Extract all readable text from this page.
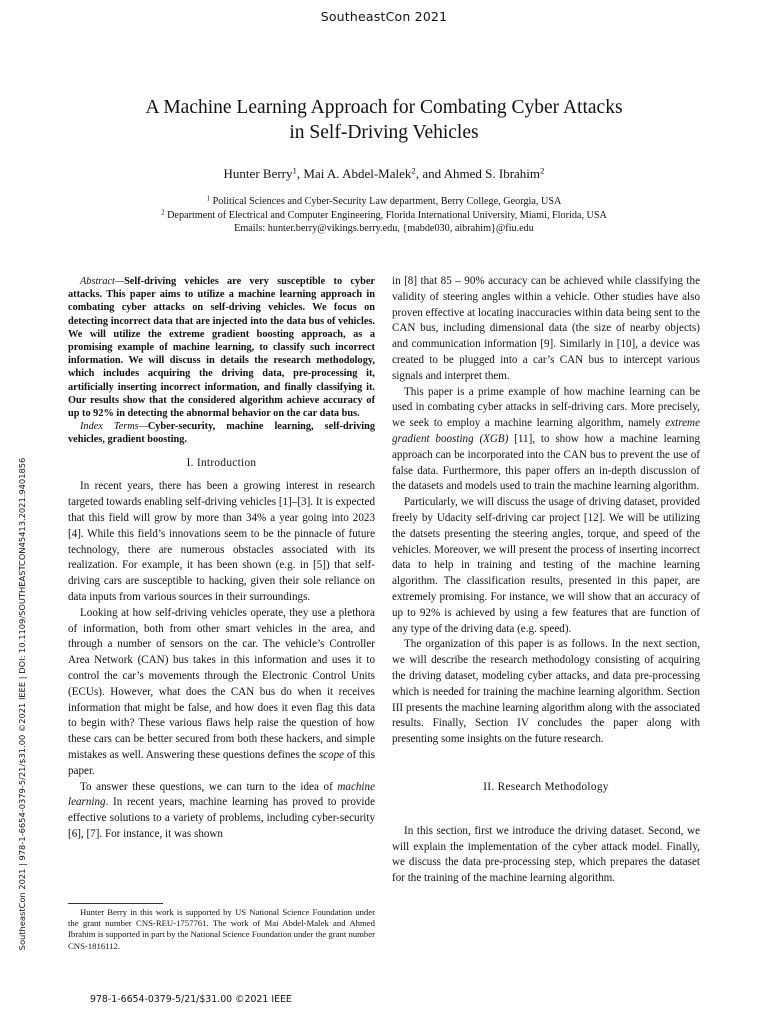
SoutheastCon 2021
A Machine Learning Approach for Combating Cyber Attacks
in Self-Driving Vehicles
Hunter Berry$^1$, Mai A. Abdel-Malek$^2$, and Ahmed S. Ibrahim$^2$
$^1$ Political Sciences and Cyber-Security Law department, Berry College, Georgia, USA
$^2$ Department of Electrical and Computer Engineering, Florida International University, Miami, Florida, USA
Emails: hunter.berry@vikings.berry.edu, {mabde030, aibrahim}@fiu.edu
SoutheastCon 2021 | 978-1-6654-0379-5/21/$31.00 ©2021 IEEE | DOI: 10.1109/SOUTHEASTCON45413.2021.9401856

Abstract—Self-driving vehicles are very susceptible to cyber attacks. This paper aims to utilize a machine learning approach in combating cyber attacks on self-driving vehicles. We focus on detecting incorrect data that are injected into the data bus of vehicles. We will utilize the extreme gradient boosting approach, as a promising example of machine learning, to classify such incorrect information. We will discuss in details the research methodology, which includes acquiring the driving data, pre-processing it, artificially inserting incorrect information, and finally classifying it. Our results show that the considered algorithm achieve accuracy of up to 92% in detecting the abnormal behavior on the car data bus.

Index Terms—Cyber-security, machine learning, self-driving vehicles, gradient boosting.

I. Introduction

In recent years, there has been a growing interest in research targeted towards enabling self-driving vehicles [1]–[3]. It is expected that this field will grow by more than 34% a year going into 2023 [4]. While this field’s innovations seem to be the pinnacle of future technology, there are numerous obstacles associated with its realization. For example, it has been shown (e.g. in [5]) that self-driving cars are susceptible to hacking, given their sole reliance on data inputs from various sources in their surroundings.

Looking at how self-driving vehicles operate, they use a plethora of information, both from other smart vehicles in the area, and through a number of sensors on the car. The vehicle’s Controller Area Network (CAN) bus takes in this information and uses it to control the car’s movements through the Electronic Control Units (ECUs). However, what does the CAN bus do when it receives information that might be false, and how does it even flag this data to begin with? These various flaws help raise the question of how these cars can be better secured from both these hackers, and simple mistakes as well. Answering these questions defines the scope of this paper.

To answer these questions, we can turn to the idea of machine learning. In recent years, machine learning has proved to provide effective solutions to a variety of problems, including cyber-security [6], [7]. For instance, it was shown

in [8] that 85 – 90% accuracy can be achieved while classifying the validity of steering angles within a vehicle. Other studies have also proven effective at locating inaccuracies within data being sent to the CAN bus, including dimensional data (the size of nearby objects) and communication information [9]. Similarly in [10], a device was created to be plugged into a car’s CAN bus to intercept various signals and interpret them.

This paper is a prime example of how machine learning can be used in combating cyber attacks in self-driving cars. More precisely, we seek to employ a machine learning algorithm, namely extreme gradient boosting (XGB) [11], to show how a machine learning approach can be incorporated into the CAN bus to prevent the use of false data. Furthermore, this paper offers an in-depth discussion of the datasets and models used to train the machine learning algorithm.

Particularly, we will discuss the usage of driving dataset, provided freely by Udacity self-driving car project [12]. We will be utilizing the datsets presenting the steering angles, torque, and speed of the vehicles. Moreover, we will present the process of inserting incorrect data to help in training and testing of the machine learning algorithm. The classification results, presented in this paper, are extremely promising. For instance, we will show that an accuracy of up to 92% is achieved by using a few features that are function of any type of the driving data (e.g. speed).

The organization of this paper is as follows. In the next section, we will describe the research methodology consisting of acquiring the driving dataset, modeling cyber attacks, and data pre-processing which is needed for training the machine learning algorithm. Section III presents the machine learning algorithm along with the associated results. Finally, Section IV concludes the paper along with presenting some insights on the future research.

II. Research Methodology

In this section, first we introduce the driving dataset. Second, we will explain the implementation of the cyber attack model. Finally, we discuss the data pre-processing step, which prepares the dataset for the training of the machine learning algorithm.

Hunter Berry in this work is supported by US National Science Foundation under the grant number CNS-REU-1757761. The work of Mai Abdel-Malek and Ahmed Ibrahim is supported in part by the National Science Foundation under the grant number CNS-1816112.
978-1-6654-0379-5/21/$31.00 ©2021 IEEE
